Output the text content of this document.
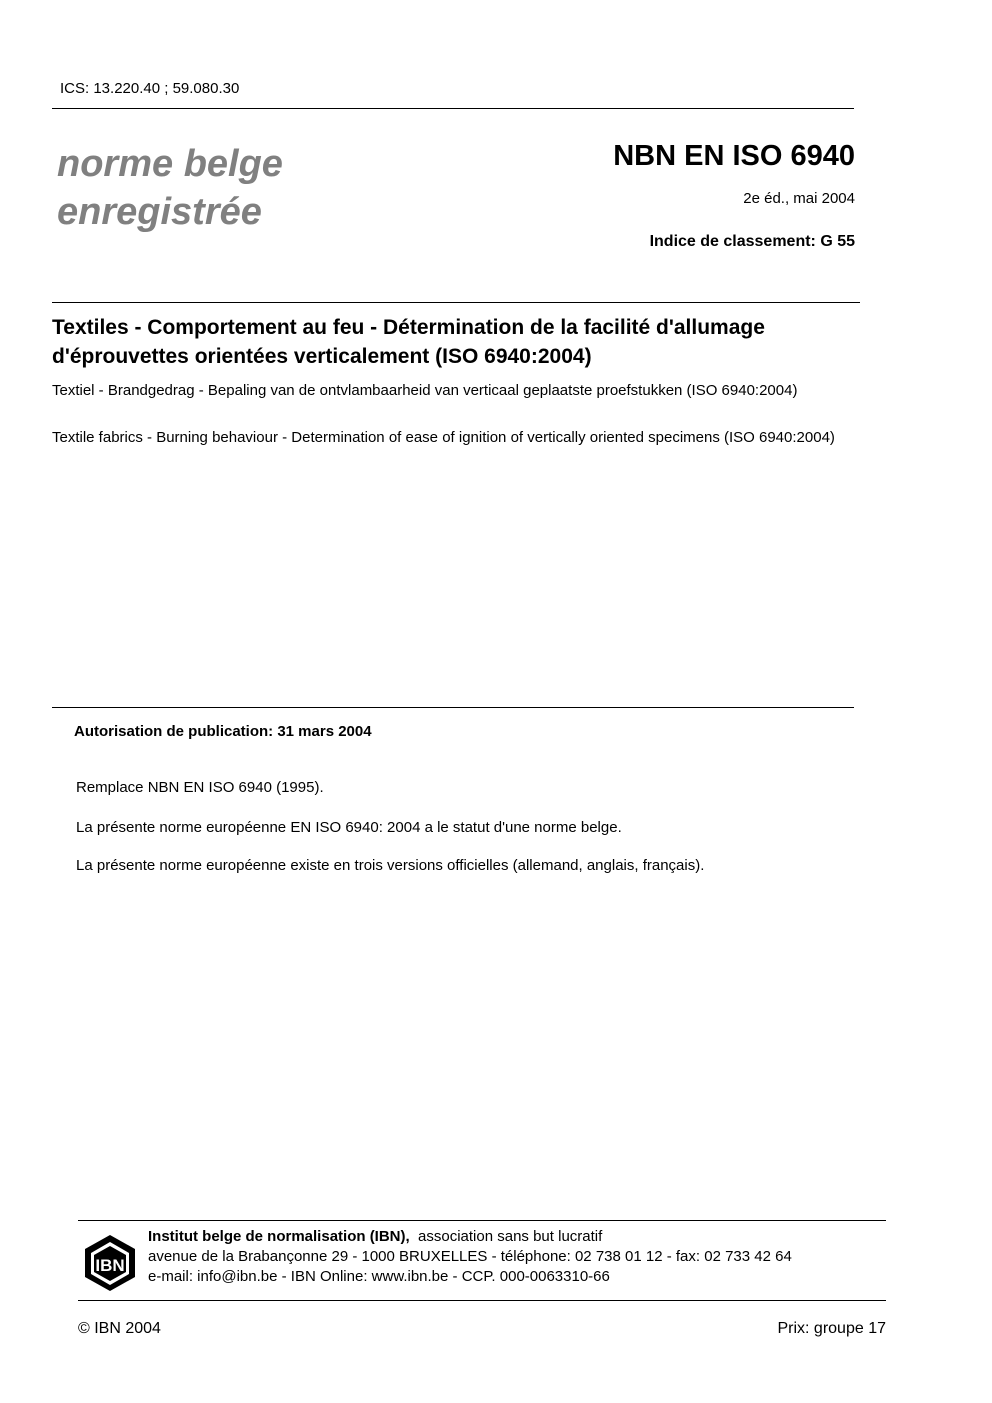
ICS: 13.220.40 ; 59.080.30
norme belge
enregistrée
NBN EN ISO 6940
2e éd., mai 2004
Indice de classement: G 55
Textiles - Comportement au feu - Détermination de la facilité d'allumage d'éprouvettes orientées verticalement (ISO 6940:2004)
Textiel - Brandgedrag - Bepaling van de ontvlambaarheid van verticaal geplaatste proefstukken (ISO 6940:2004)
Textile fabrics - Burning behaviour - Determination of ease of ignition of vertically oriented specimens (ISO 6940:2004)
Autorisation de publication: 31 mars 2004
Remplace NBN EN ISO 6940 (1995).
La présente norme européenne EN ISO 6940: 2004 a le statut d'une norme belge.
La présente norme européenne existe en trois versions officielles (allemand, anglais, français).
IBN
Institut belge de normalisation (IBN), association sans but lucratif
avenue de la Brabançonne 29 - 1000 BRUXELLES - téléphone: 02 738 01 12 - fax: 02 733 42 64
e-mail: info@ibn.be - IBN Online: www.ibn.be - CCP. 000-0063310-66
© IBN 2004	Prix: groupe 17
